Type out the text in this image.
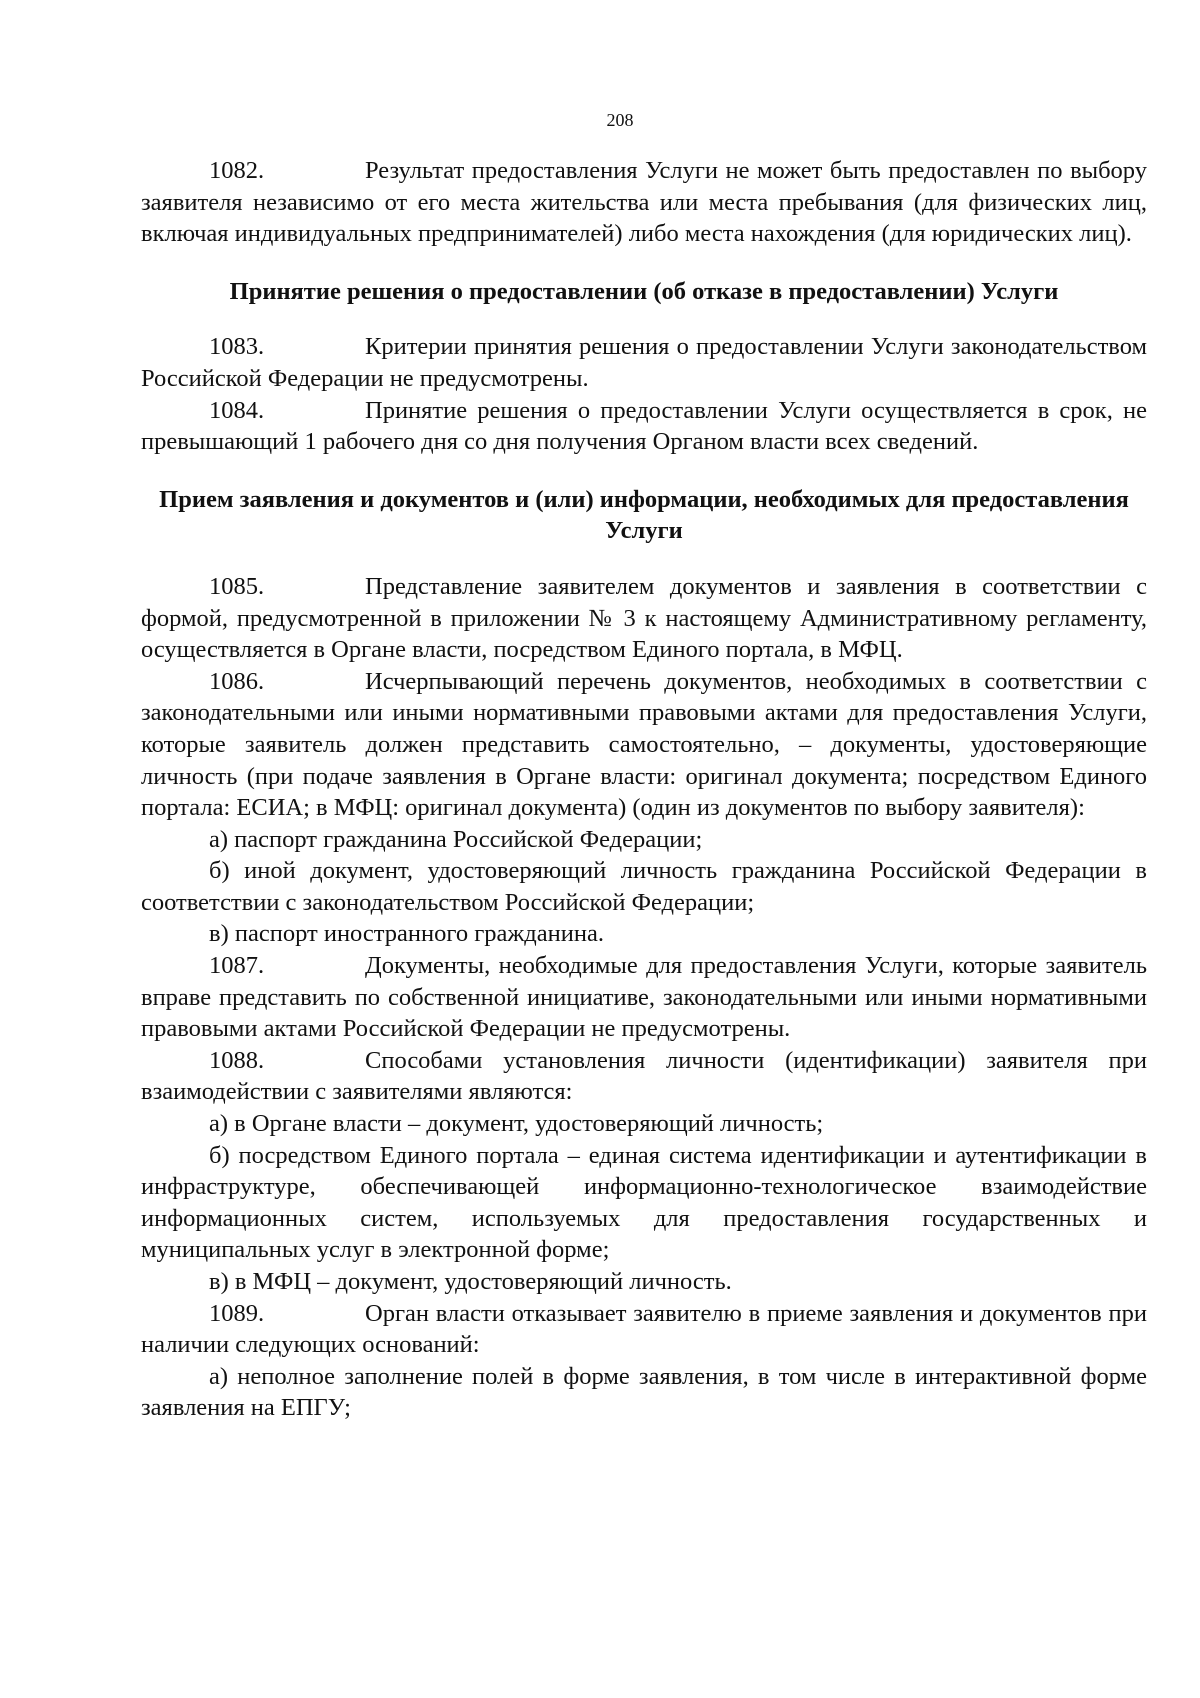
208

1082.	Результат предоставления Услуги не может быть предоставлен по выбору заявителя независимо от его места жительства или места пребывания (для физических лиц, включая индивидуальных предпринимателей) либо места нахождения (для юридических лиц).

Принятие решения о предоставлении (об отказе в предоставлении) Услуги

1083.	Критерии принятия решения о предоставлении Услуги законодательством Российской Федерации не предусмотрены.

1084.	Принятие решения о предоставлении Услуги осуществляется в срок, не превышающий 1 рабочего дня со дня получения Органом власти всех сведений.

Прием заявления и документов и (или) информации, необходимых для предоставления Услуги

1085.	Представление заявителем документов и заявления в соответствии с формой, предусмотренной в приложении № 3 к настоящему Административному регламенту, осуществляется в Органе власти, посредством Единого портала, в МФЦ.

1086.	Исчерпывающий перечень документов, необходимых в соответствии с законодательными или иными нормативными правовыми актами для предоставления Услуги, которые заявитель должен представить самостоятельно, – документы, удостоверяющие личность (при подаче заявления в Органе власти: оригинал документа; посредством Единого портала: ЕСИА; в МФЦ: оригинал документа) (один из документов по выбору заявителя):

а) паспорт гражданина Российской Федерации;

б) иной документ, удостоверяющий личность гражданина Российской Федерации в соответствии с законодательством Российской Федерации;

в) паспорт иностранного гражданина.

1087.	Документы, необходимые для предоставления Услуги, которые заявитель вправе представить по собственной инициативе, законодательными или иными нормативными правовыми актами Российской Федерации не предусмотрены.

1088.	Способами установления личности (идентификации) заявителя при взаимодействии с заявителями являются:

а) в Органе власти – документ, удостоверяющий личность;

б) посредством Единого портала – единая система идентификации и аутентификации в инфраструктуре, обеспечивающей информационно-технологическое взаимодействие информационных систем, используемых для предоставления государственных и муниципальных услуг в электронной форме;

в) в МФЦ – документ, удостоверяющий личность.

1089.	Орган власти отказывает заявителю в приеме заявления и документов при наличии следующих оснований:

а) неполное заполнение полей в форме заявления, в том числе в интерактивной форме заявления на ЕПГУ;
